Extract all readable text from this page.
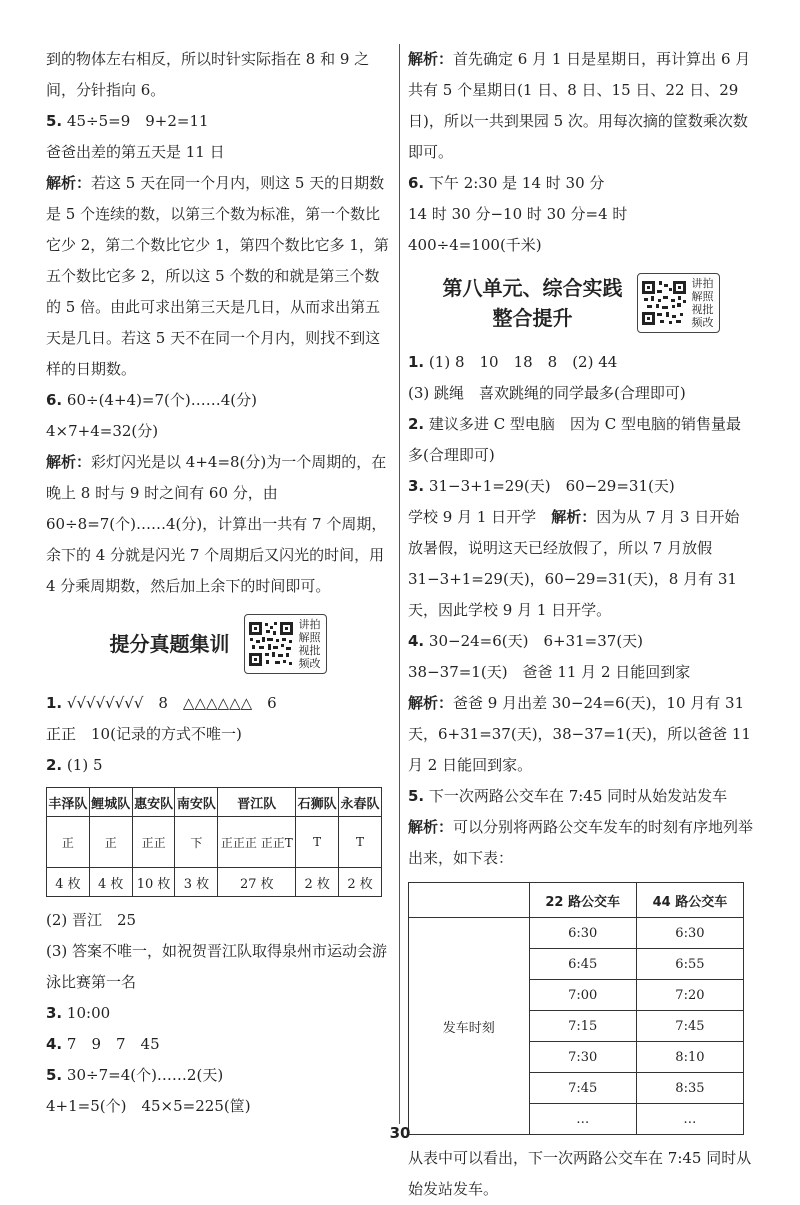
到的物体左右相反，所以时针实际指在 8 和 9 之间，分针指向 6。

5. 45÷5=9　9+2=11

爸爸出差的第五天是 11 日

解析：若这 5 天在同一个月内，则这 5 天的日期数是 5 个连续的数，以第三个数为标准，第一个数比它少 2，第二个数比它少 1，第四个数比它多 1，第五个数比它多 2，所以这 5 个数的和就是第三个数的 5 倍。由此可求出第三天是几日，从而求出第五天是几日。若这 5 天不在同一个月内，则找不到这样的日期数。

6. 60÷(4+4)=7(个)……4(分)

4×7+4=32(分)

解析：彩灯闪光是以 4+4=8(分)为一个周期的，在晚上 8 时与 9 时之间有 60 分，由 60÷8=7(个)……4(分)，计算出一共有 7 个周期，余下的 4 分就是闪光 7 个周期后又闪光的时间，用 4 分乘周期数，然后加上余下的时间即可。

提分真题集训
讲拍解照视批频改

1. √√√√√√√√　8　△△△△△△　6

正正　10(记录的方式不唯一)

2. (1) 5

丰泽队	鲤城队	惠安队	南安队	晋江队	石狮队	永春队
正	正	正正	下	正正正 正正T	T	T
4 枚	4 枚	10 枚	3 枚	27 枚	2 枚	2 枚

(2) 晋江　25

(3) 答案不唯一，如祝贺晋江队取得泉州市运动会游泳比赛第一名

3. 10:00

4. 7　9　7　45

5. 30÷7=4(个)……2(天)

4+1=5(个)　45×5=225(筐)

解析：首先确定 6 月 1 日是星期日，再计算出 6 月共有 5 个星期日(1 日、8 日、15 日、22 日、29 日)，所以一共到果园 5 次。用每次摘的筐数乘次数即可。

6. 下午 2:30 是 14 时 30 分

14 时 30 分−10 时 30 分=4 时　400÷4=100(千米)

第八单元、综合实践
整合提升
讲拍解照视批频改

1. (1) 8　10　18　8　(2) 44

(3) 跳绳　喜欢跳绳的同学最多(合理即可)

2. 建议多进 C 型电脑　因为 C 型电脑的销售量最多(合理即可)

3. 31−3+1=29(天)　60−29=31(天)

学校 9 月 1 日开学　 解析：因为从 7 月 3 日开始放暑假，说明这天已经放假了，所以 7 月放假 31−3+1=29(天)，60−29=31(天)，8 月有 31 天，因此学校 9 月 1 日开学。

4. 30−24=6(天)　6+31=37(天)

38−37=1(天)　爸爸 11 月 2 日能回到家

解析：爸爸 9 月出差 30−24=6(天)，10 月有 31 天，6+31=37(天)，38−37=1(天)，所以爸爸 11 月 2 日能回到家。

5. 下一次两路公交车在 7:45 同时从始发站发车

解析：可以分别将两路公交车发车的时刻有序地列举出来，如下表：

	22 路公交车	44 路公交车
发车时刻	6:30	6:30
	6:45	6:55
	7:00	7:20
	7:15	7:45
	7:30	8:10
	7:45	8:35
	…	…

从表中可以看出，下一次两路公交车在 7:45 同时从始发站发车。

30
